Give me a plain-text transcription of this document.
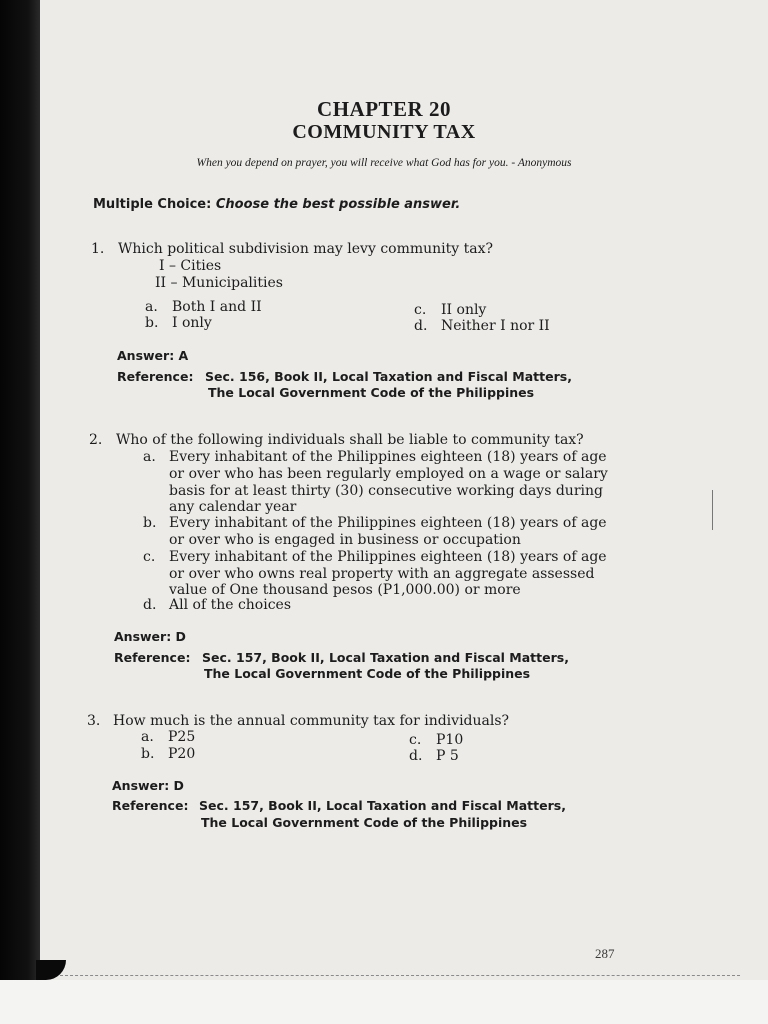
CHAPTER 20
COMMUNITY TAX
When you depend on prayer, you will receive what God has for you. - Anonymous
Multiple Choice: Choose the best possible answer.
1. Which political subdivision may levy community tax?
I – Cities
II – Municipalities
a. Both I and II
b. I only
c. II only
d. Neither I nor II
Answer: A
Reference: Sec. 156, Book II, Local Taxation and Fiscal Matters,
The Local Government Code of the Philippines
2. Who of the following individuals shall be liable to community tax?
a. Every inhabitant of the Philippines eighteen (18) years of age
or over who has been regularly employed on a wage or salary
basis for at least thirty (30) consecutive working days during
any calendar year
b. Every inhabitant of the Philippines eighteen (18) years of age
or over who is engaged in business or occupation
c. Every inhabitant of the Philippines eighteen (18) years of age
or over who owns real property with an aggregate assessed
value of One thousand pesos (P1,000.00) or more
d. All of the choices
Answer: D
Reference: Sec. 157, Book II, Local Taxation and Fiscal Matters,
The Local Government Code of the Philippines
3. How much is the annual community tax for individuals?
a. P25
b. P20
c. P10
d. P 5
Answer: D
Reference: Sec. 157, Book II, Local Taxation and Fiscal Matters,
The Local Government Code of the Philippines
287
